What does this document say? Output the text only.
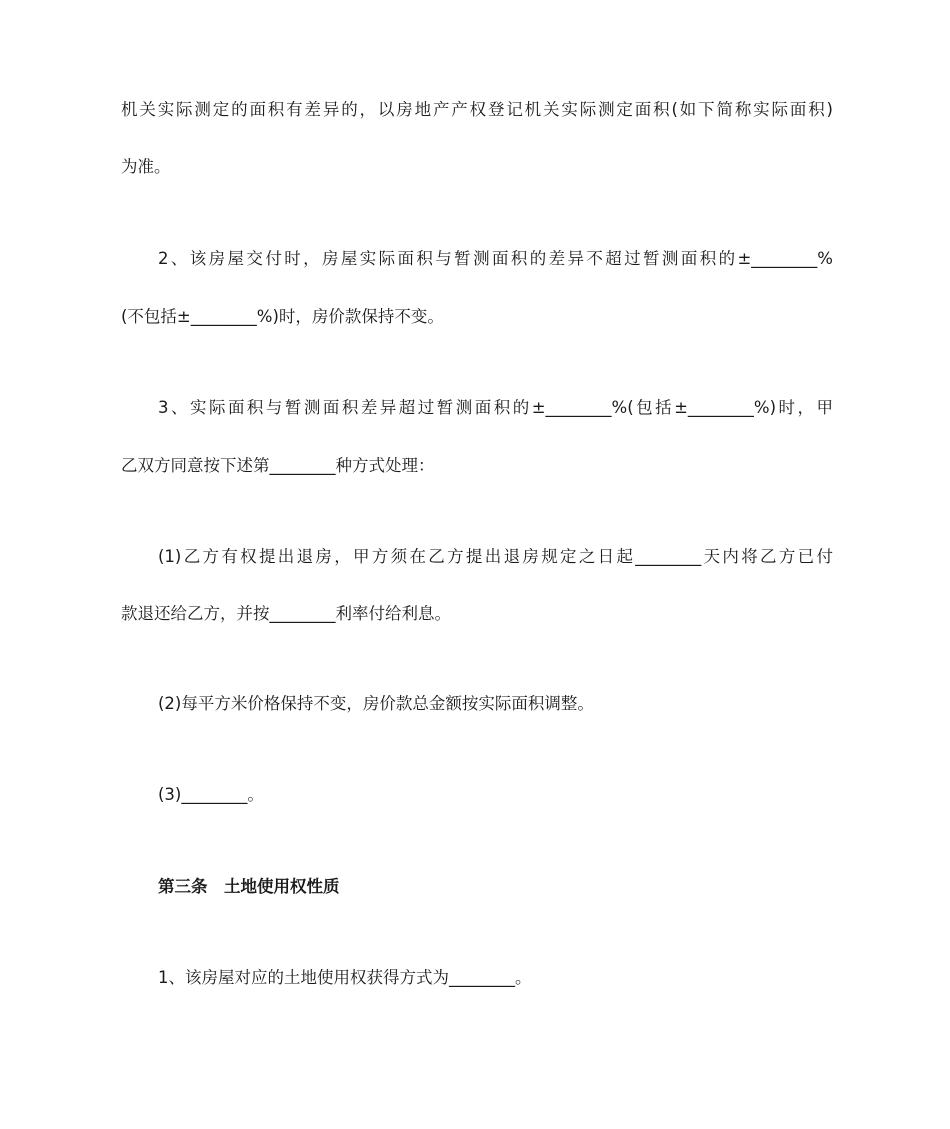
机关实际测定的面积有差异的，以房地产产权登记机关实际测定面积(如下简称实际面积)
为准。
2、该房屋交付时，房屋实际面积与暂测面积的差异不超过暂测面积的±________%
(不包括±________%)时，房价款保持不变。
3、实际面积与暂测面积差异超过暂测面积的±________%(包括±________%)时，甲
乙双方同意按下述第________种方式处理：
(1)乙方有权提出退房，甲方须在乙方提出退房规定之日起________天内将乙方已付
款退还给乙方，并按________利率付给利息。
(2)每平方米价格保持不变，房价款总金额按实际面积调整。
(3)________。
第三条　土地使用权性质
1、该房屋对应的土地使用权获得方式为________。
